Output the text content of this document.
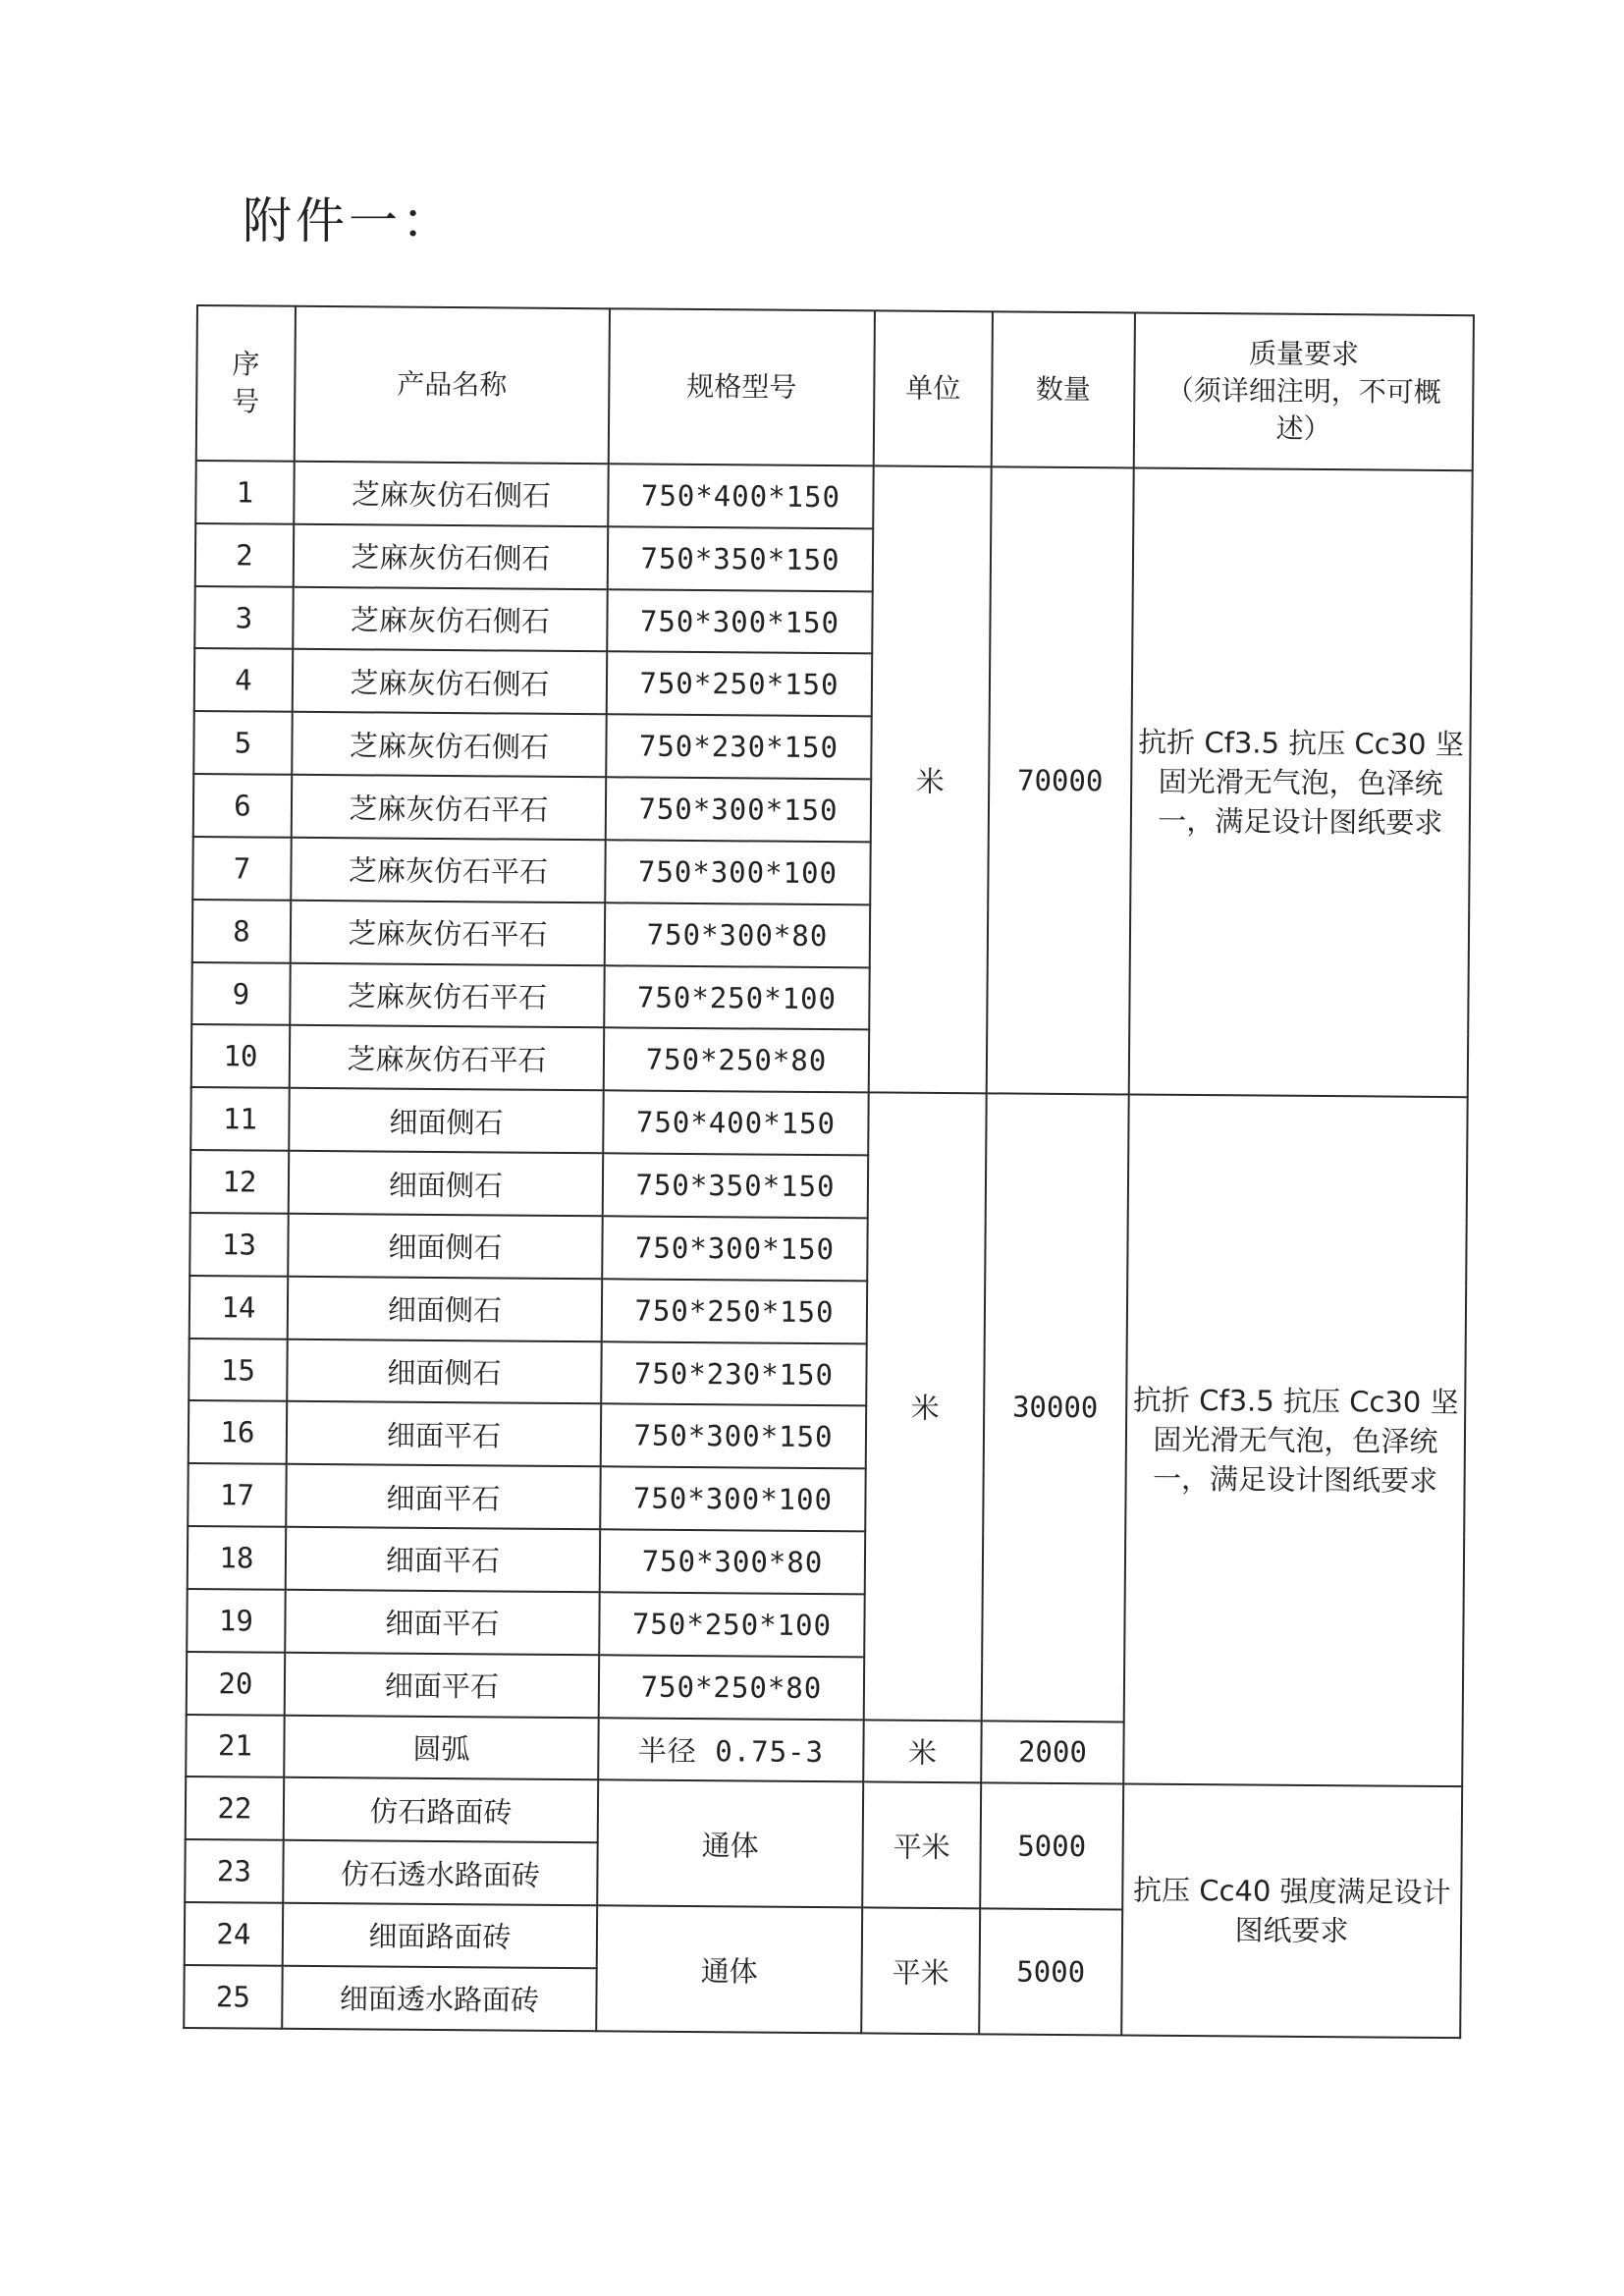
附件一：
序
号	产品名称	规格型号	单位	数量	质量要求
（须详细注明，不可概述）
1	芝麻灰仿石侧石	750*400*150	米	70000	抗折 Cf3.5 抗压 Cc30 坚固光滑无气泡，色泽统一，满足设计图纸要求
2	芝麻灰仿石侧石	750*350*150			
3	芝麻灰仿石侧石	750*300*150			
4	芝麻灰仿石侧石	750*250*150			
5	芝麻灰仿石侧石	750*230*150			
6	芝麻灰仿石平石	750*300*150			
7	芝麻灰仿石平石	750*300*100			
8	芝麻灰仿石平石	750*300*80			
9	芝麻灰仿石平石	750*250*100			
10	芝麻灰仿石平石	750*250*80			
11	细面侧石	750*400*150	米	30000	抗折 Cf3.5 抗压 Cc30 坚固光滑无气泡，色泽统一，满足设计图纸要求
12	细面侧石	750*350*150			
13	细面侧石	750*300*150			
14	细面侧石	750*250*150			
15	细面侧石	750*230*150			
16	细面平石	750*300*150			
17	细面平石	750*300*100			
18	细面平石	750*300*80			
19	细面平石	750*250*100			
20	细面平石	750*250*80			
21	圆弧	半径 0.75-3	米	2000	
22	仿石路面砖	通体	平米	5000	抗压 Cc40 强度满足设计图纸要求
23	仿石透水路面砖				
24	细面路面砖	通体	平米	5000	
25	细面透水路面砖				
